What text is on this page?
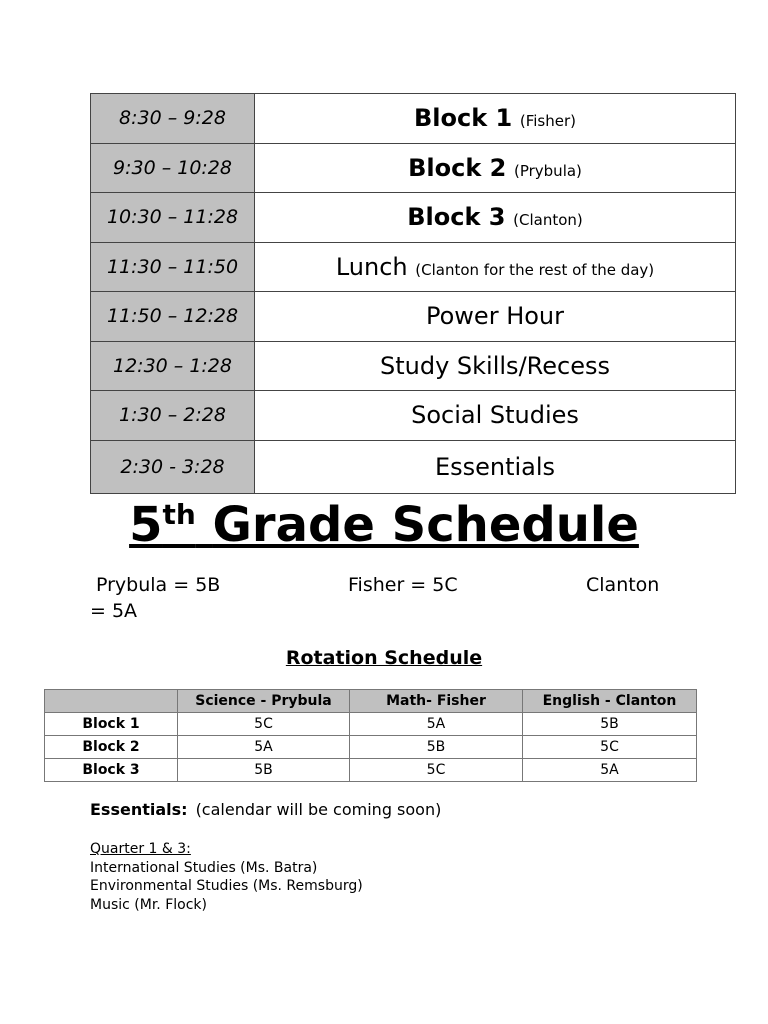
8:30 – 9:28	Block 1 (Fisher)
9:30 – 10:28	Block 2 (Prybula)
10:30 – 11:28	Block 3 (Clanton)
11:30 – 11:50	Lunch (Clanton for the rest of the day)
11:50 – 12:28	Power Hour
12:30 – 1:28	Study Skills/Recess
1:30 – 2:28	Social Studies
2:30 - 3:28	Essentials
5th Grade Schedule
Prybula = 5B	Fisher = 5C	Clanton
= 5A
Rotation Schedule
	Science - Prybula	Math- Fisher	English - Clanton
Block 1	5C	5A	5B
Block 2	5A	5B	5C
Block 3	5B	5C	5A
Essentials: (calendar will be coming soon)
Quarter 1 & 3:
International Studies (Ms. Batra)
Environmental Studies (Ms. Remsburg)
Music (Mr. Flock)
